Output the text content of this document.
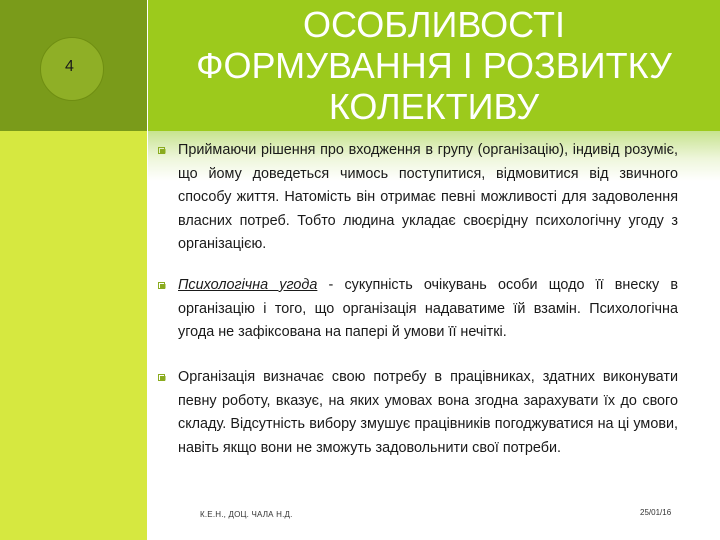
4
ОСОБЛИВОСТІ
ФОРМУВАННЯ І РОЗВИТКУ
КОЛЕКТИВУ
Приймаючи рішення про входження в групу (організацію), індивід розуміє, що йому доведеться чимось поступитися, відмовитися від звичного способу життя. Натомість він отримає певні можливості для задоволення власних потреб. Тобто людина укладає своєрідну психологічну угоду з організацією.
Психологічна угода - сукупність очікувань особи щодо її внеску в організацію і того, що організація надаватиме їй взамін. Психологічна угода не зафіксована на папері й умови її нечіткі.
Організація визначає свою потребу в працівниках, здатних виконувати певну роботу, вказує, на яких умовах вона згодна зарахувати їх до свого складу. Відсутність вибору змушує працівників погоджуватися на ці умови, навіть якщо вони не зможуть задовольнити свої потреби.
К.Е.Н., ДОЦ. ЧАЛА Н.Д.	25/01/16
